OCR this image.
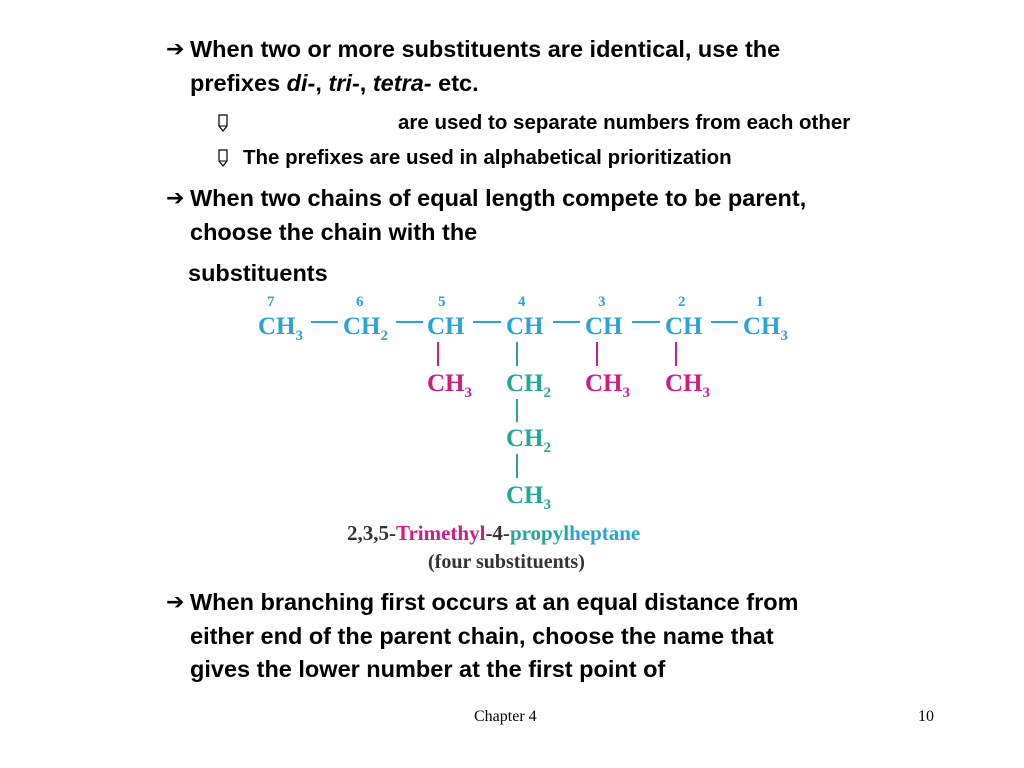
➔ When two or more substituents are identical, use the
prefixes di-, tri-, tetra- etc.
are used to separate numbers from each other
The prefixes are used in alphabetical prioritization
➔ When two chains of equal length compete to be parent,
choose the chain with the
substituents
7	6	5	4	3	2	1
$CH_3$ $CH_2$ CH CH CH CH $CH_3$
$CH_3$ $CH_2$ $CH_3$ $CH_3$
$CH_2$
$CH_3$
2,3,5-Trimethyl-4-propylheptane
(four substituents)
➔ When branching first occurs at an equal distance from
either end of the parent chain, choose the name that
gives the lower number at the first point of
Chapter 4	10
